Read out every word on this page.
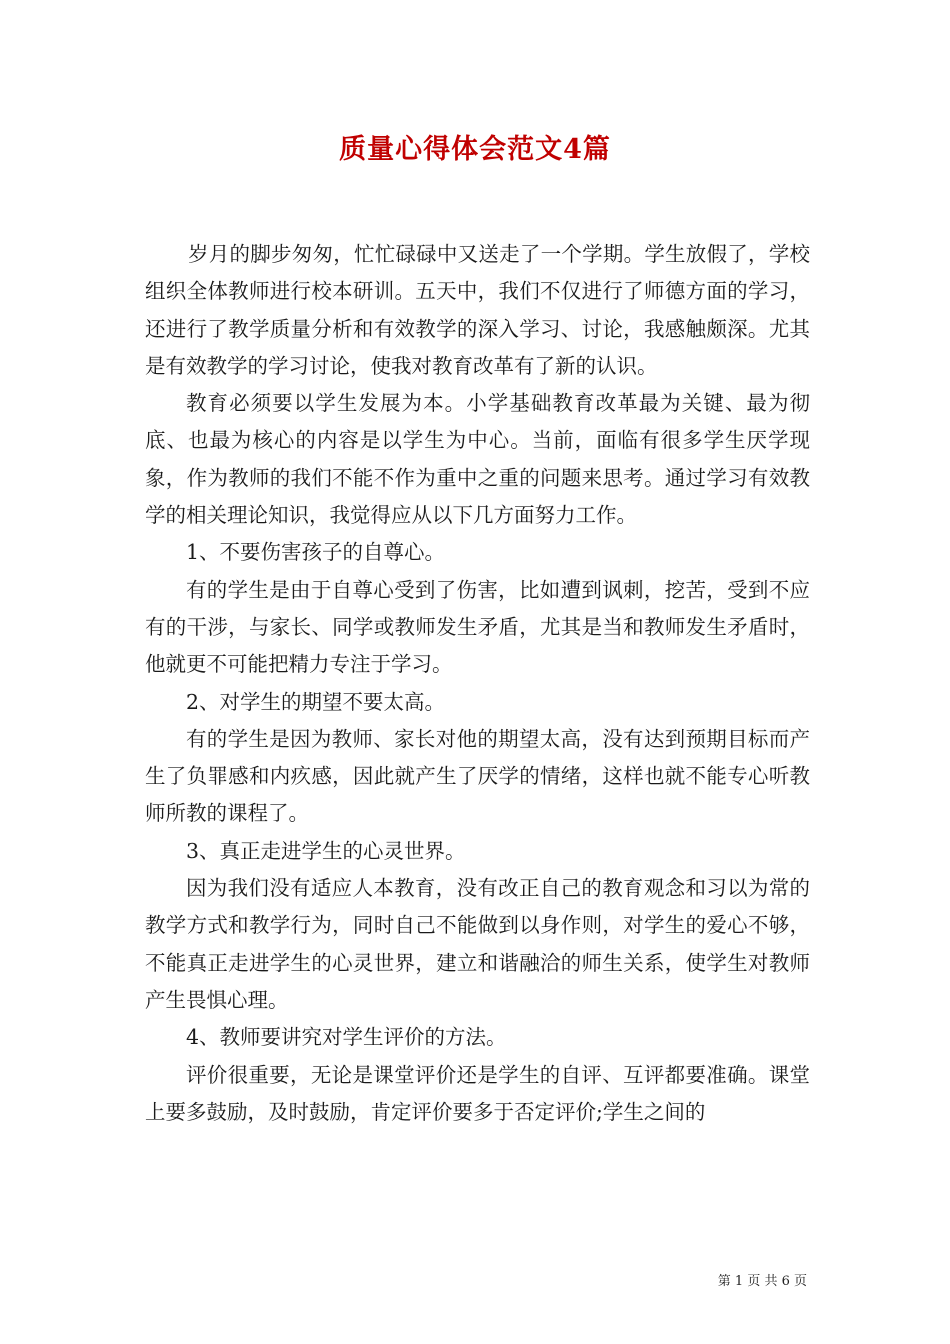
质量心得体会范文4篇

岁月的脚步匆匆，忙忙碌碌中又送走了一个学期。学生放假了，学校组织全体教师进行校本研训。五天中，我们不仅进行了师德方面的学习，还进行了教学质量分析和有效教学的深入学习、讨论，我感触颇深。尤其是有效教学的学习讨论，使我对教育改革有了新的认识。

教育必须要以学生发展为本。小学基础教育改革最为关键、最为彻底、也最为核心的内容是以学生为中心。当前，面临有很多学生厌学现象，作为教师的我们不能不作为重中之重的问题来思考。通过学习有效教学的相关理论知识，我觉得应从以下几方面努力工作。

1、不要伤害孩子的自尊心。

有的学生是由于自尊心受到了伤害，比如遭到讽刺，挖苦，受到不应有的干涉，与家长、同学或教师发生矛盾，尤其是当和教师发生矛盾时，他就更不可能把精力专注于学习。

2、对学生的期望不要太高。

有的学生是因为教师、家长对他的期望太高，没有达到预期目标而产生了负罪感和内疚感，因此就产生了厌学的情绪，这样也就不能专心听教师所教的课程了。

3、真正走进学生的心灵世界。

因为我们没有适应人本教育，没有改正自己的教育观念和习以为常的教学方式和教学行为，同时自己不能做到以身作则，对学生的爱心不够，不能真正走进学生的心灵世界，建立和谐融洽的师生关系，使学生对教师产生畏惧心理。

4、教师要讲究对学生评价的方法。

评价很重要，无论是课堂评价还是学生的自评、互评都要准确。课堂上要多鼓励，及时鼓励，肯定评价要多于否定评价;学生之间的

第 1 页 共 6 页
